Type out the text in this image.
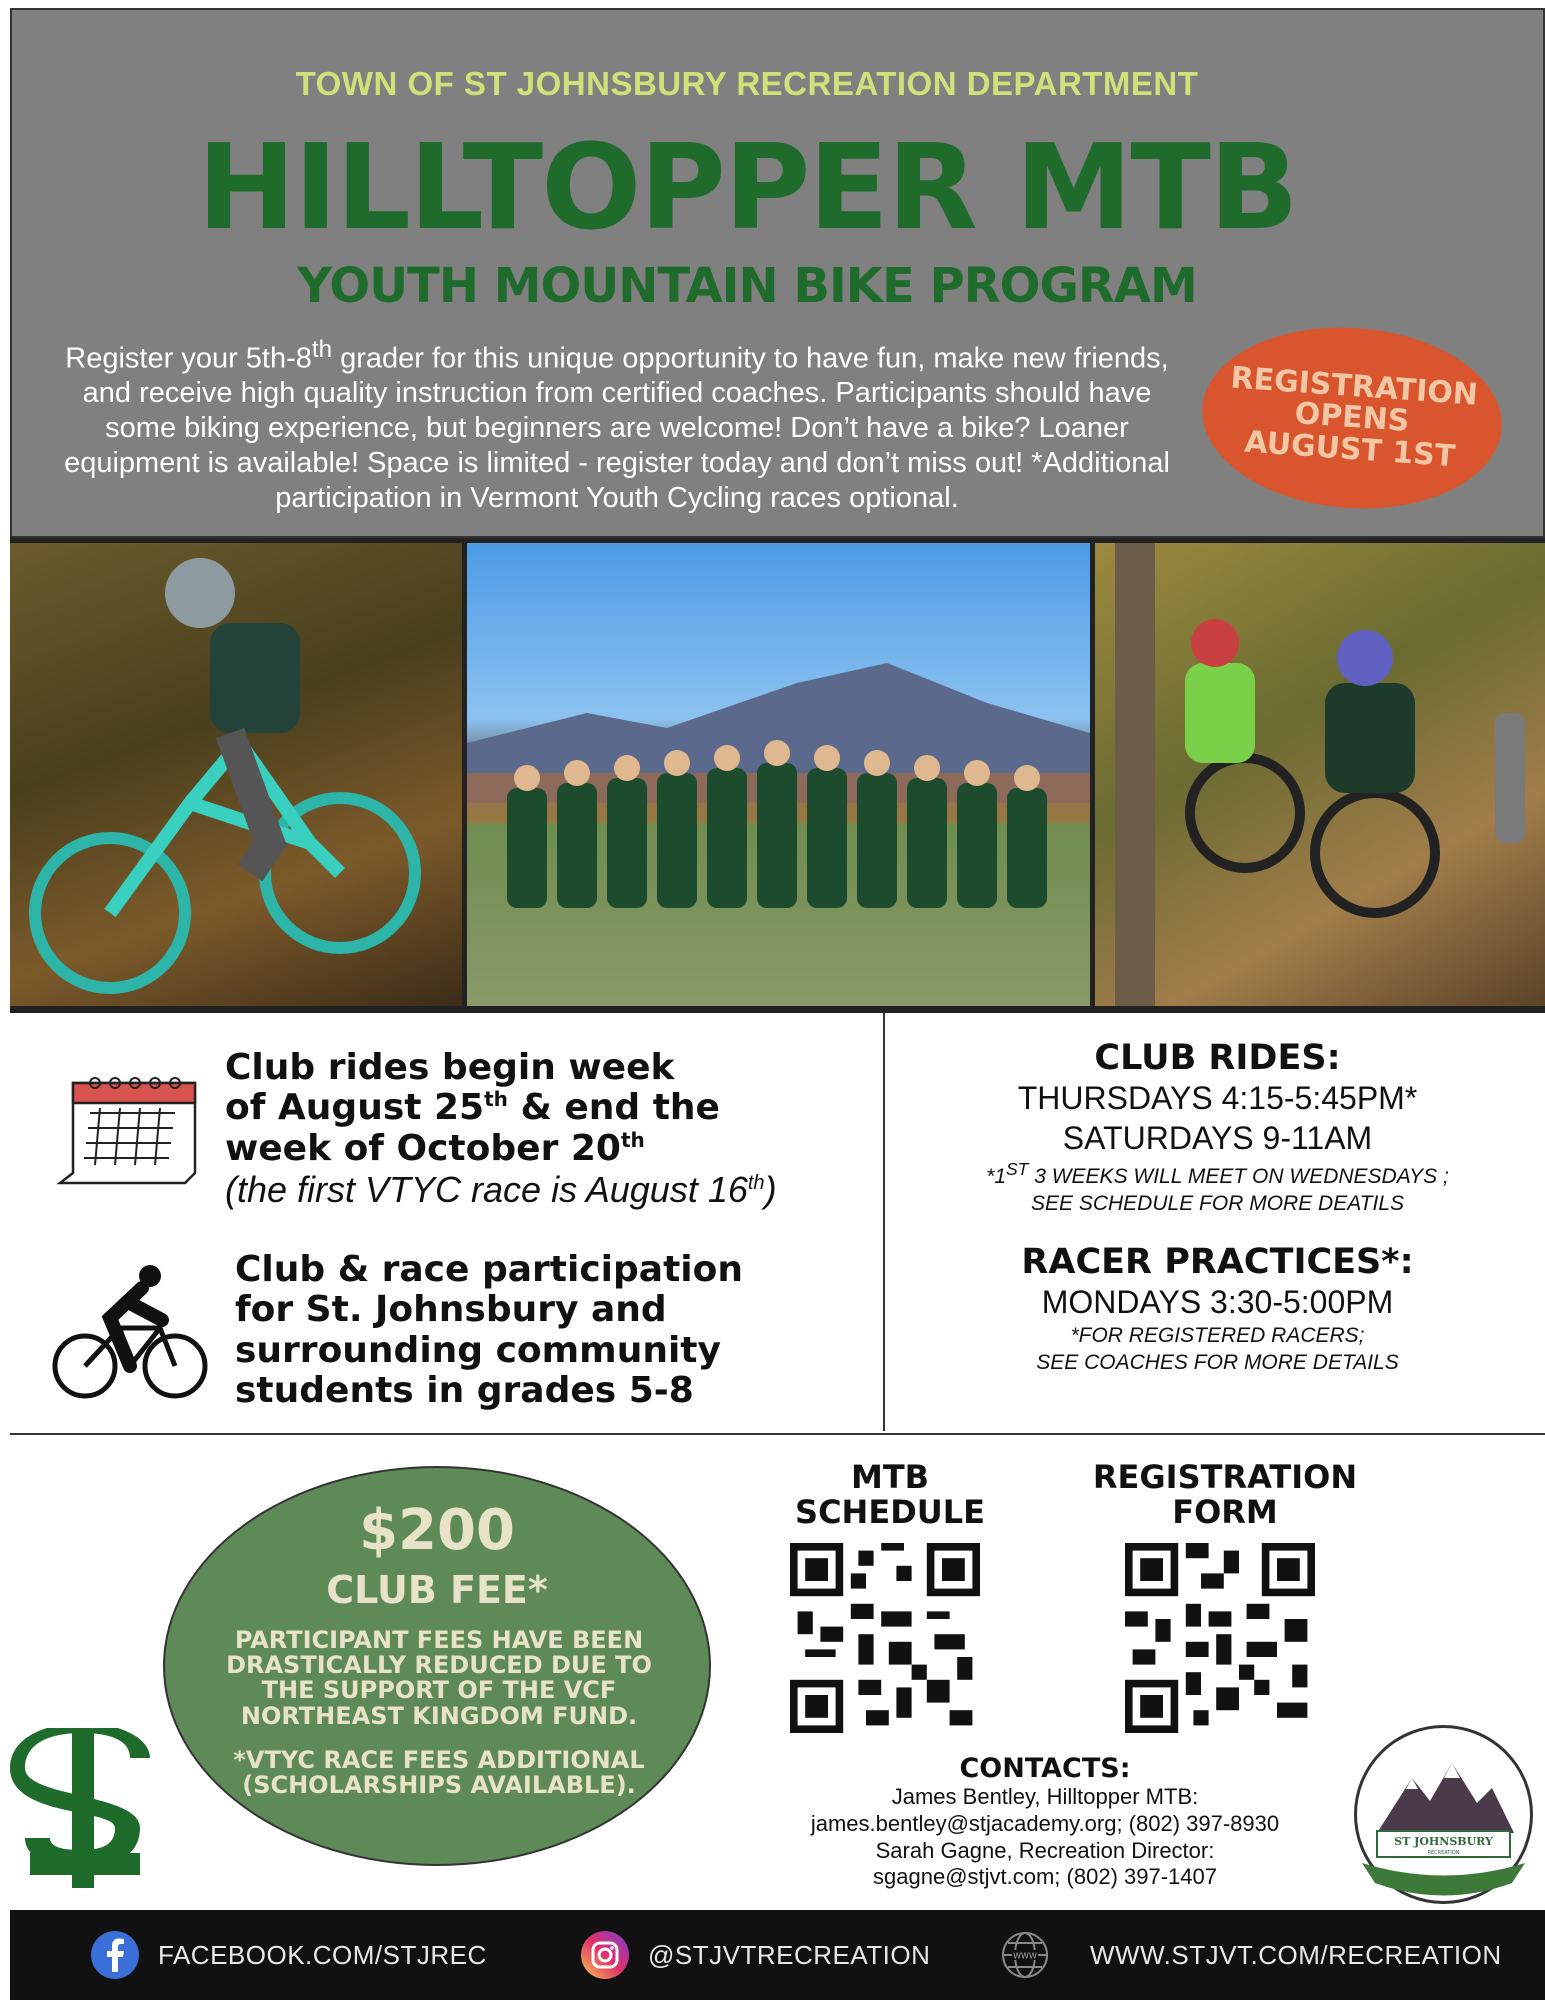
TOWN OF ST JOHNSBURY RECREATION DEPARTMENT
HILLTOPPER MTB
YOUTH MOUNTAIN BIKE PROGRAM
Register your 5th-8th grader for this unique opportunity to have fun, make new friends, and receive high quality instruction from certified coaches. Participants should have some biking experience, but beginners are welcome! Don’t have a bike? Loaner equipment is available! Space is limited - register today and don’t miss out! *Additional participation in Vermont Youth Cycling races optional.
REGISTRATION
OPENS
AUGUST 1ST
Club rides begin week
of August 25th & end the
week of October 20th
(the first VTYC race is August 16th)
Club & race participation
for St. Johnsbury and
surrounding community
students in grades 5-8
CLUB RIDES:
THURSDAYS 4:15-5:45PM*
SATURDAYS 9-11AM
*1ST 3 WEEKS WILL MEET ON WEDNESDAYS ;
SEE SCHEDULE FOR MORE DEATILS
RACER PRACTICES*:
MONDAYS 3:30-5:00PM
*FOR REGISTERED RACERS;
SEE COACHES FOR MORE DETAILS
$200
CLUB FEE*
PARTICIPANT FEES HAVE BEEN DRASTICALLY REDUCED DUE TO THE SUPPORT OF THE VCF NORTHEAST KINGDOM FUND.
*VTYC RACE FEES ADDITIONAL (SCHOLARSHIPS AVAILABLE).
MTB
SCHEDULE
REGISTRATION
FORM
CONTACTS:
James Bentley, Hilltopper MTB:
james.bentley@stjacademy.org; (802) 397-8930
Sarah Gagne, Recreation Director:
sgagne@stjvt.com; (802) 397-1407
ST JOHNSBURY
RECREATION
FACEBOOK.COM/STJREC	@STJVTRECREATION	WWW WWW.STJVT.COM/RECREATION
